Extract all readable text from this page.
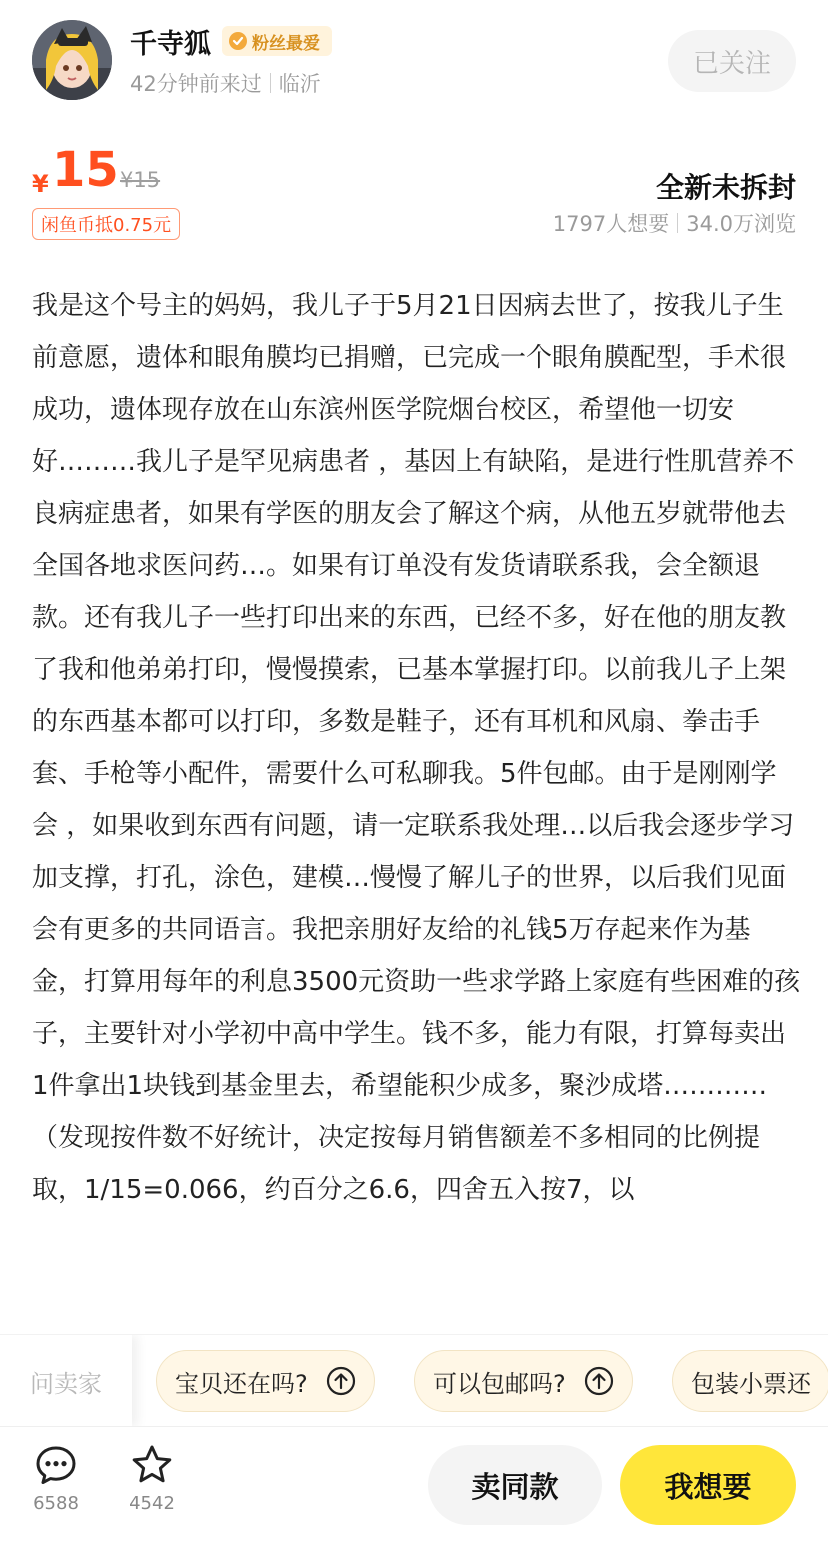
千寺狐 粉丝最爱
42分钟前来过 临沂
已关注
¥ 15 ¥15
闲鱼币抵0.75元
全新未拆封
1797人想要 34.0万浏览

我是这个号主的妈妈，我儿子于5月21日因病去世了，按我儿子生前意愿，遗体和眼角膜均已捐赠，已完成一个眼角膜配型，手术很成功，遗体现存放在山东滨州医学院烟台校区，希望他一切安好………我儿子是罕见病患者 ，基因上有缺陷，是进行性肌营养不良病症患者，如果有学医的朋友会了解这个病，从他五岁就带他去全国各地求医问药…。如果有订单没有发货请联系我，会全额退款。还有我儿子一些打印出来的东西，已经不多，好在他的朋友教了我和他弟弟打印，慢慢摸索，已基本掌握打印。以前我儿子上架的东西基本都可以打印，多数是鞋子，还有耳机和风扇、拳击手套、手枪等小配件，需要什么可私聊我。5件包邮。由于是刚刚学会 ，如果收到东西有问题，请一定联系我处理…以后我会逐步学习加支撑，打孔，涂色，建模…慢慢了解儿子的世界，以后我们见面会有更多的共同语言。我把亲朋好友给的礼钱5万存起来作为基金，打算用每年的利息3500元资助一些求学路上家庭有些困难的孩子，主要针对小学初中高中学生。钱不多，能力有限，打算每卖出1件拿出1块钱到基金里去，希望能积少成多，聚沙成塔…………

（发现按件数不好统计，决定按每月销售额差不多相同的比例提取，1/15=0.066，约百分之6.6，四舍五入按7，以

问卖家	宝贝还在吗?	可以包邮吗?	包装小票还
6588	4542	卖同款	我想要
